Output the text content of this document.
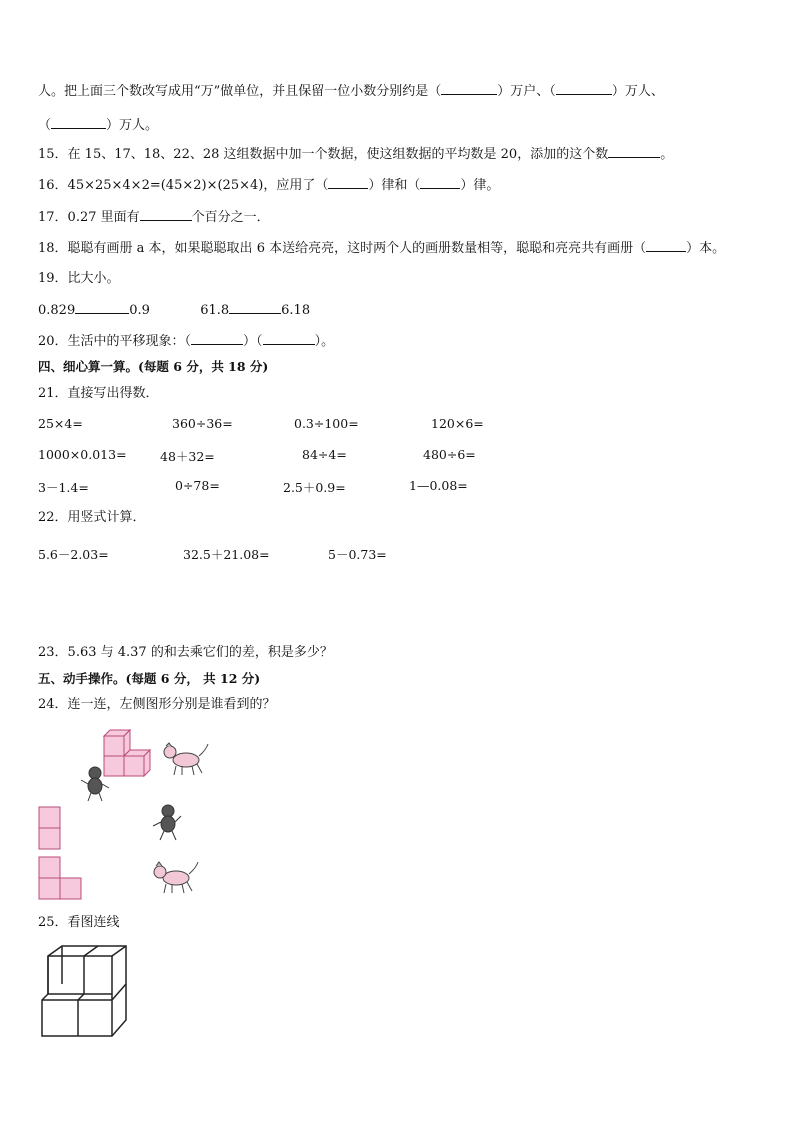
人。把上面三个数改写成用“万”做单位，并且保留一位小数分别约是（	）万户、（	）万人、
（	）万人。
15．在 15、17、18、22、28 这组数据中加一个数据，使这组数据的平均数是 20，添加的这个数	。
16．45×25×4×2=(45×2)×(25×4)，应用了（	）律和（	）律。
17．0.27 里面有	个百分之一．
18．聪聪有画册 a 本，如果聪聪取出 6 本送给亮亮，这时两个人的画册数量相等，聪聪和亮亮共有画册（	）本。
19．比大小。
0.829	0.9	61.8	6.18
20．生活中的平移现象：（	）（	）。
四、细心算一算。(每题 6 分，共 18 分)
21．直接写出得数．
25×4=	360÷36=	0.3÷100=	120×6=
1000×0.013=	48＋32=	84÷4=	480÷6=
3－1.4=	0÷78=	2.5＋0.9=	1—0.08=
22．用竖式计算．
5.6－2.03=	32.5＋21.08=	5－0.73=
23．5.63 与 4.37 的和去乘它们的差，积是多少？
五、动手操作。(每题 6 分， 共 12 分)
24．连一连，左侧图形分别是谁看到的？
25．看图连线
